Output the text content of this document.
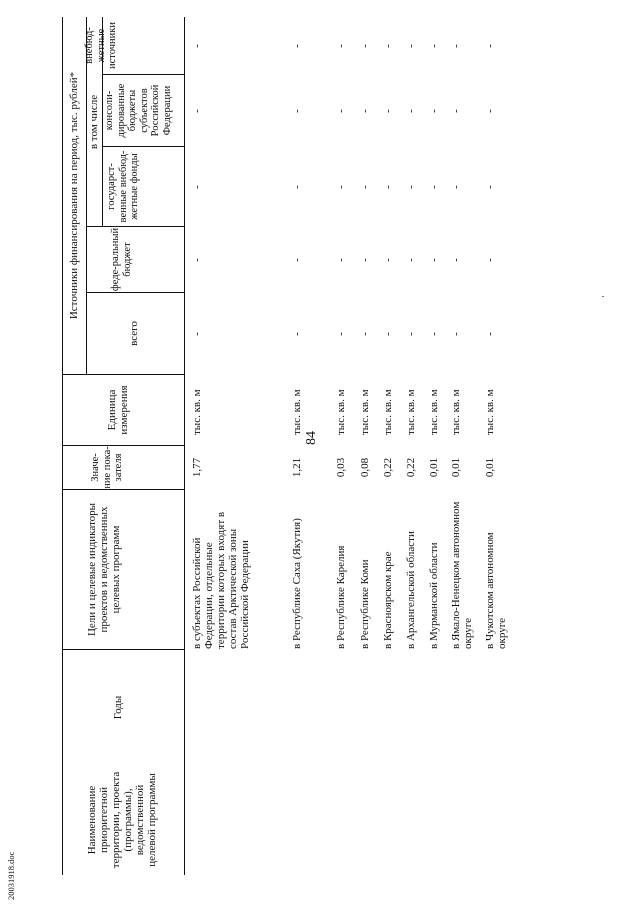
84
20031918.doc
Наименование приоритетной территории, проекта (программы), ведомственной целевой программы
Годы
Цели и целевые индикаторы проектов и ведомственных целевых программ
Значе-ние пока-зателя
Единица измерения
Источники финансирования на период, тыс. рублей*
всего
в том числе
феде-ральный бюджет
государст-венные внебюд-жетные фонды
консоли-дированные бюджеты субъектов Российской Федерации
внебюд-жетные источники
в субъектах Российской Федерации, отдельные территории которых входят в состав Арктической зоны Российской Федерации
1,77
тыс. кв. м
в Республике Саха (Якутия)
1,21
тыс. кв. м
в Республике Карелия
0,03
тыс. кв. м
в Республике Коми
0,08
тыс. кв. м
в Красноярском крае
0,22
тыс. кв. м
в Архангельской области
0,22
тыс. кв. м
в Мурманской области
0,01
тыс. кв. м
в Ямало-Ненецком автономном округе
0,01
тыс. кв. м
в Чукотском автономном округе
0,01
тыс. кв. м
-
-
-
-
-
-
-
-
-
-
-
-
-
-
-
-
-
-
-
-
-
-
-
-
-
-
-
-
-
-
-
-
-
-
-
-
-
-
-
-
-
-
-
-
-
